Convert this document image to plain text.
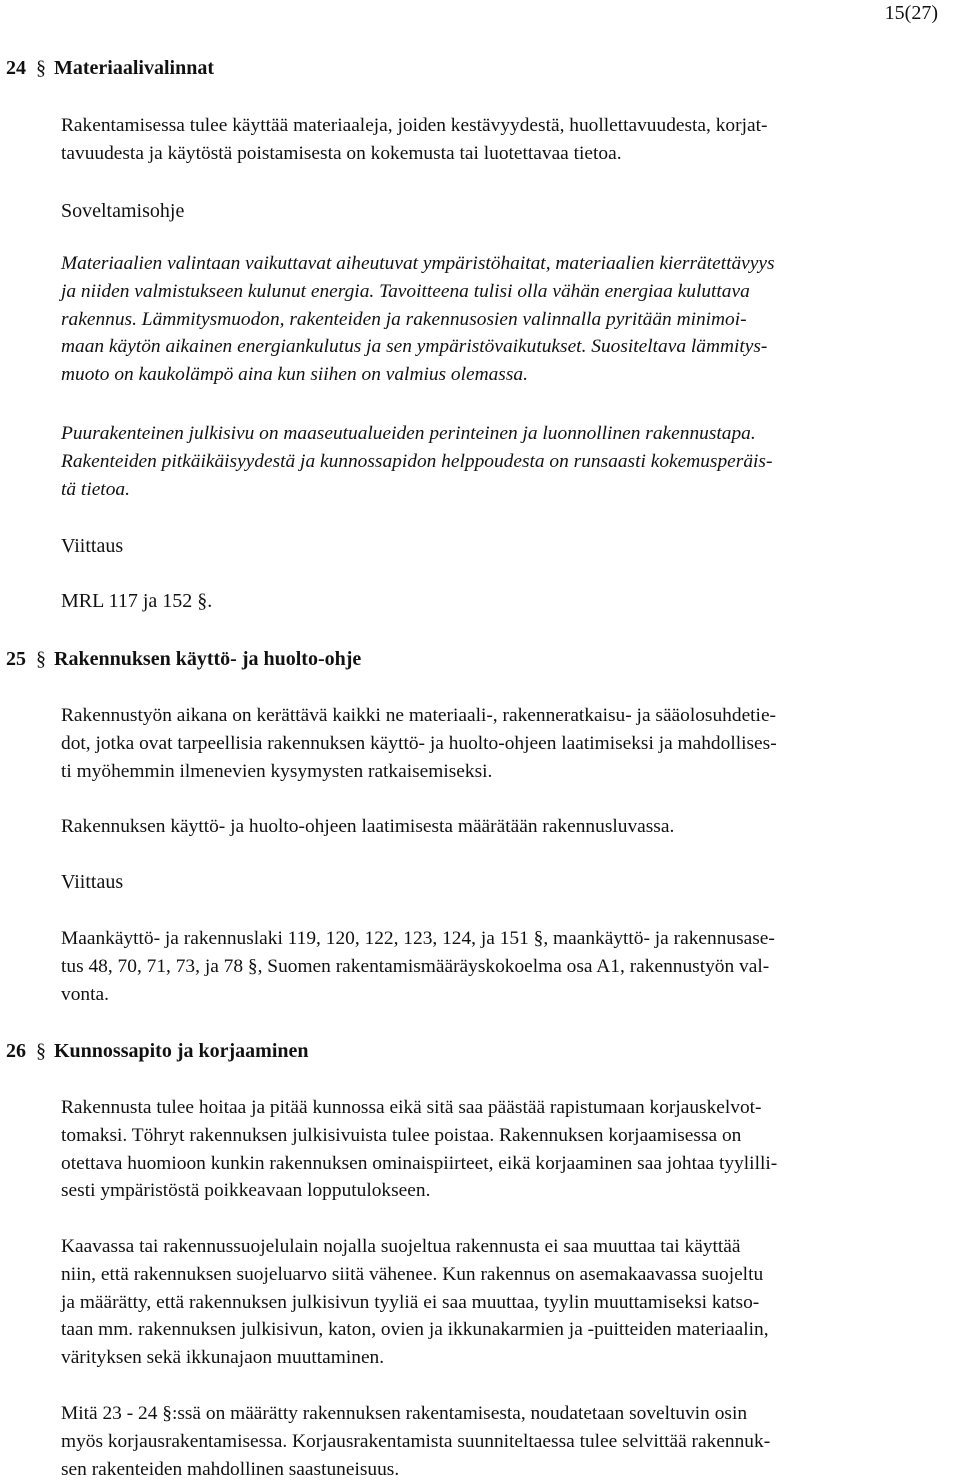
15(27)
24 § Materiaalivalinnat
Rakentamisessa tulee käyttää materiaaleja, joiden kestävyydestä, huollettavuudesta, korjat-
tavuudesta ja käytöstä poistamisesta on kokemusta tai luotettavaa tietoa.
Soveltamisohje
Materiaalien valintaan vaikuttavat aiheutuvat ympäristöhaitat, materiaalien kierrätettävyys
ja niiden valmistukseen kulunut energia. Tavoitteena tulisi olla vähän energiaa kuluttava
rakennus. Lämmitysmuodon, rakenteiden ja rakennusosien valinnalla pyritään minimoi-
maan käytön aikainen energiankulutus ja sen ympäristövaikutukset. Suositeltava lämmitys-
muoto on kaukolämpö aina kun siihen on valmius olemassa.
Puurakenteinen julkisivu on maaseutualueiden perinteinen ja luonnollinen rakennustapa.
Rakenteiden pitkäikäisyydestä ja kunnossapidon helppoudesta on runsaasti kokemusperäis-
tä tietoa.
Viittaus
MRL 117 ja 152 §.
25 § Rakennuksen käyttö- ja huolto-ohje
Rakennustyön aikana on kerättävä kaikki ne materiaali-, rakenneratkaisu- ja sääolosuhdetie-
dot, jotka ovat tarpeellisia rakennuksen käyttö- ja huolto-ohjeen laatimiseksi ja mahdollises-
ti myöhemmin ilmenevien kysymysten ratkaisemiseksi.
Rakennuksen käyttö- ja huolto-ohjeen laatimisesta määrätään rakennusluvassa.
Viittaus
Maankäyttö- ja rakennuslaki 119, 120, 122, 123, 124, ja 151 §, maankäyttö- ja rakennusase-
tus 48, 70, 71, 73, ja 78 §, Suomen rakentamismääräyskokoelma osa A1, rakennustyön val-
vonta.
26 § Kunnossapito ja korjaaminen
Rakennusta tulee hoitaa ja pitää kunnossa eikä sitä saa päästää rapistumaan korjauskelvot-
tomaksi. Töhryt rakennuksen julkisivuista tulee poistaa. Rakennuksen korjaamisessa on
otettava huomioon kunkin rakennuksen ominaispiirteet, eikä korjaaminen saa johtaa tyylilli-
sesti ympäristöstä poikkeavaan lopputulokseen.
Kaavassa tai rakennussuojelulain nojalla suojeltua rakennusta ei saa muuttaa tai käyttää
niin, että rakennuksen suojeluarvo siitä vähenee. Kun rakennus on asemakaavassa suojeltu
ja määrätty, että rakennuksen julkisivun tyyliä ei saa muuttaa, tyylin muuttamiseksi katso-
taan mm. rakennuksen julkisivun, katon, ovien ja ikkunakarmien ja -puitteiden materiaalin,
värityksen sekä ikkunajaon muuttaminen.
Mitä 23 - 24 §:ssä on määrätty rakennuksen rakentamisesta, noudatetaan soveltuvin osin
myös korjausrakentamisessa. Korjausrakentamista suunniteltaessa tulee selvittää rakennuk-
sen rakenteiden mahdollinen saastuneisuus.
